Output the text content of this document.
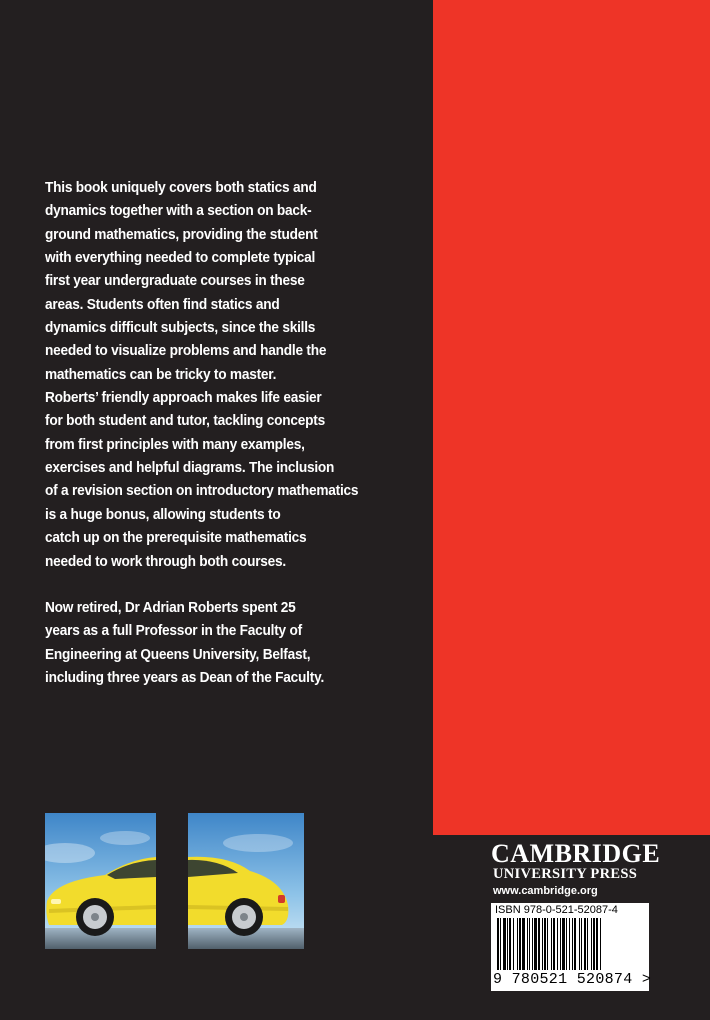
This book uniquely covers both statics and

dynamics together with a section on back-

ground mathematics, providing the student

with everything needed to complete typical

first year undergraduate courses in these

areas. Students often find statics and

dynamics difficult subjects, since the skills

needed to visualize problems and handle the

mathematics can be tricky to master.

Roberts’ friendly approach makes life easier

for both student and tutor, tackling concepts

from first principles with many examples,

exercises and helpful diagrams. The inclusion

of a revision section on introductory mathematics

is a huge bonus, allowing students to

catch up on the prerequisite mathematics

needed to work through both courses.

Now retired, Dr Adrian Roberts spent 25

years as a full Professor in the Faculty of

Engineering at Queens University, Belfast,

including three years as Dean of the Faculty.

CAMBRIDGE
UNIVERSITY PRESS
www.cambridge.org
ISBN 978-0-521-52087-4
9 780521 520874 >
